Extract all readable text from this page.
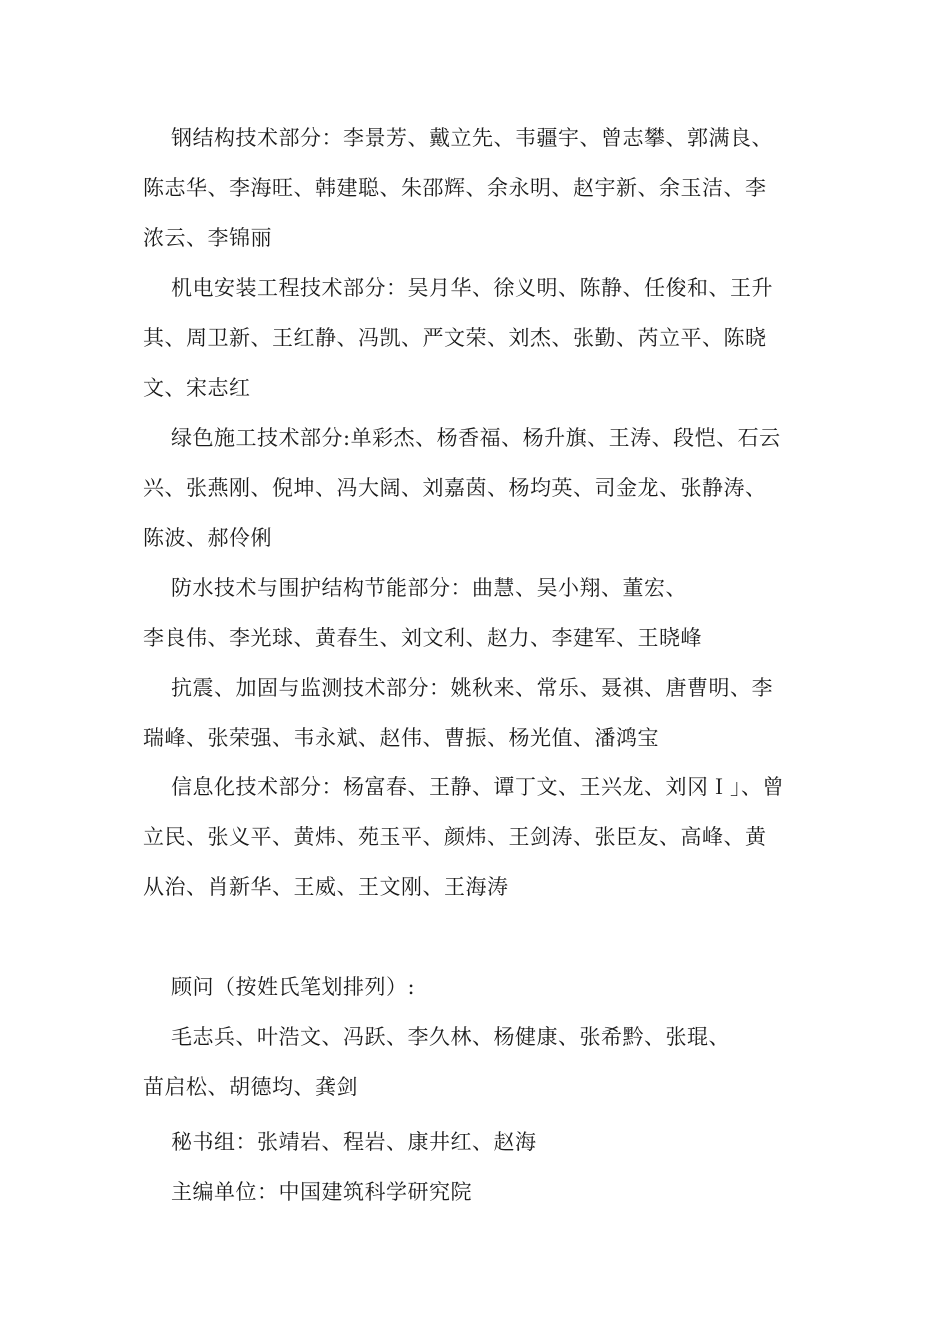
钢结构技术部分：李景芳、戴立先、韦疆宇、曾志攀、郭满良、
陈志华、李海旺、韩建聪、朱邵辉、余永明、赵宇新、余玉洁、李
浓云、李锦丽
机电安装工程技术部分：吴月华、徐义明、陈静、任俊和、王升
其、周卫新、王红静、冯凯、严文荣、刘杰、张勤、芮立平、陈晓
文、宋志红
绿色施工技术部分:单彩杰、杨香福、杨升旗、王涛、段恺、石云
兴、张燕刚、倪坤、冯大阔、刘嘉茵、杨均英、司金龙、张静涛、
陈波、郝伶俐
防水技术与围护结构节能部分：曲慧、吴小翔、董宏、
李良伟、李光球、黄春生、刘文利、赵力、李建军、王晓峰
抗震、加固与监测技术部分：姚秋来、常乐、聂祺、唐曹明、李
瑞峰、张荣强、韦永斌、赵伟、曹振、杨光值、潘鸿宝
信息化技术部分：杨富春、王静、谭丁文、王兴龙、刘冈Ｉ」、曾
立民、张义平、黄炜、苑玉平、颜炜、王剑涛、张臣友、高峰、黄
从治、肖新华、王威、王文刚、王海涛
顾问（按姓氏笔划排列）:
毛志兵、叶浩文、冯跃、李久林、杨健康、张希黔、张琨、
苗启松、胡德均、龚剑
秘书组：张靖岩、程岩、康井红、赵海
主编单位：中国建筑科学研究院
